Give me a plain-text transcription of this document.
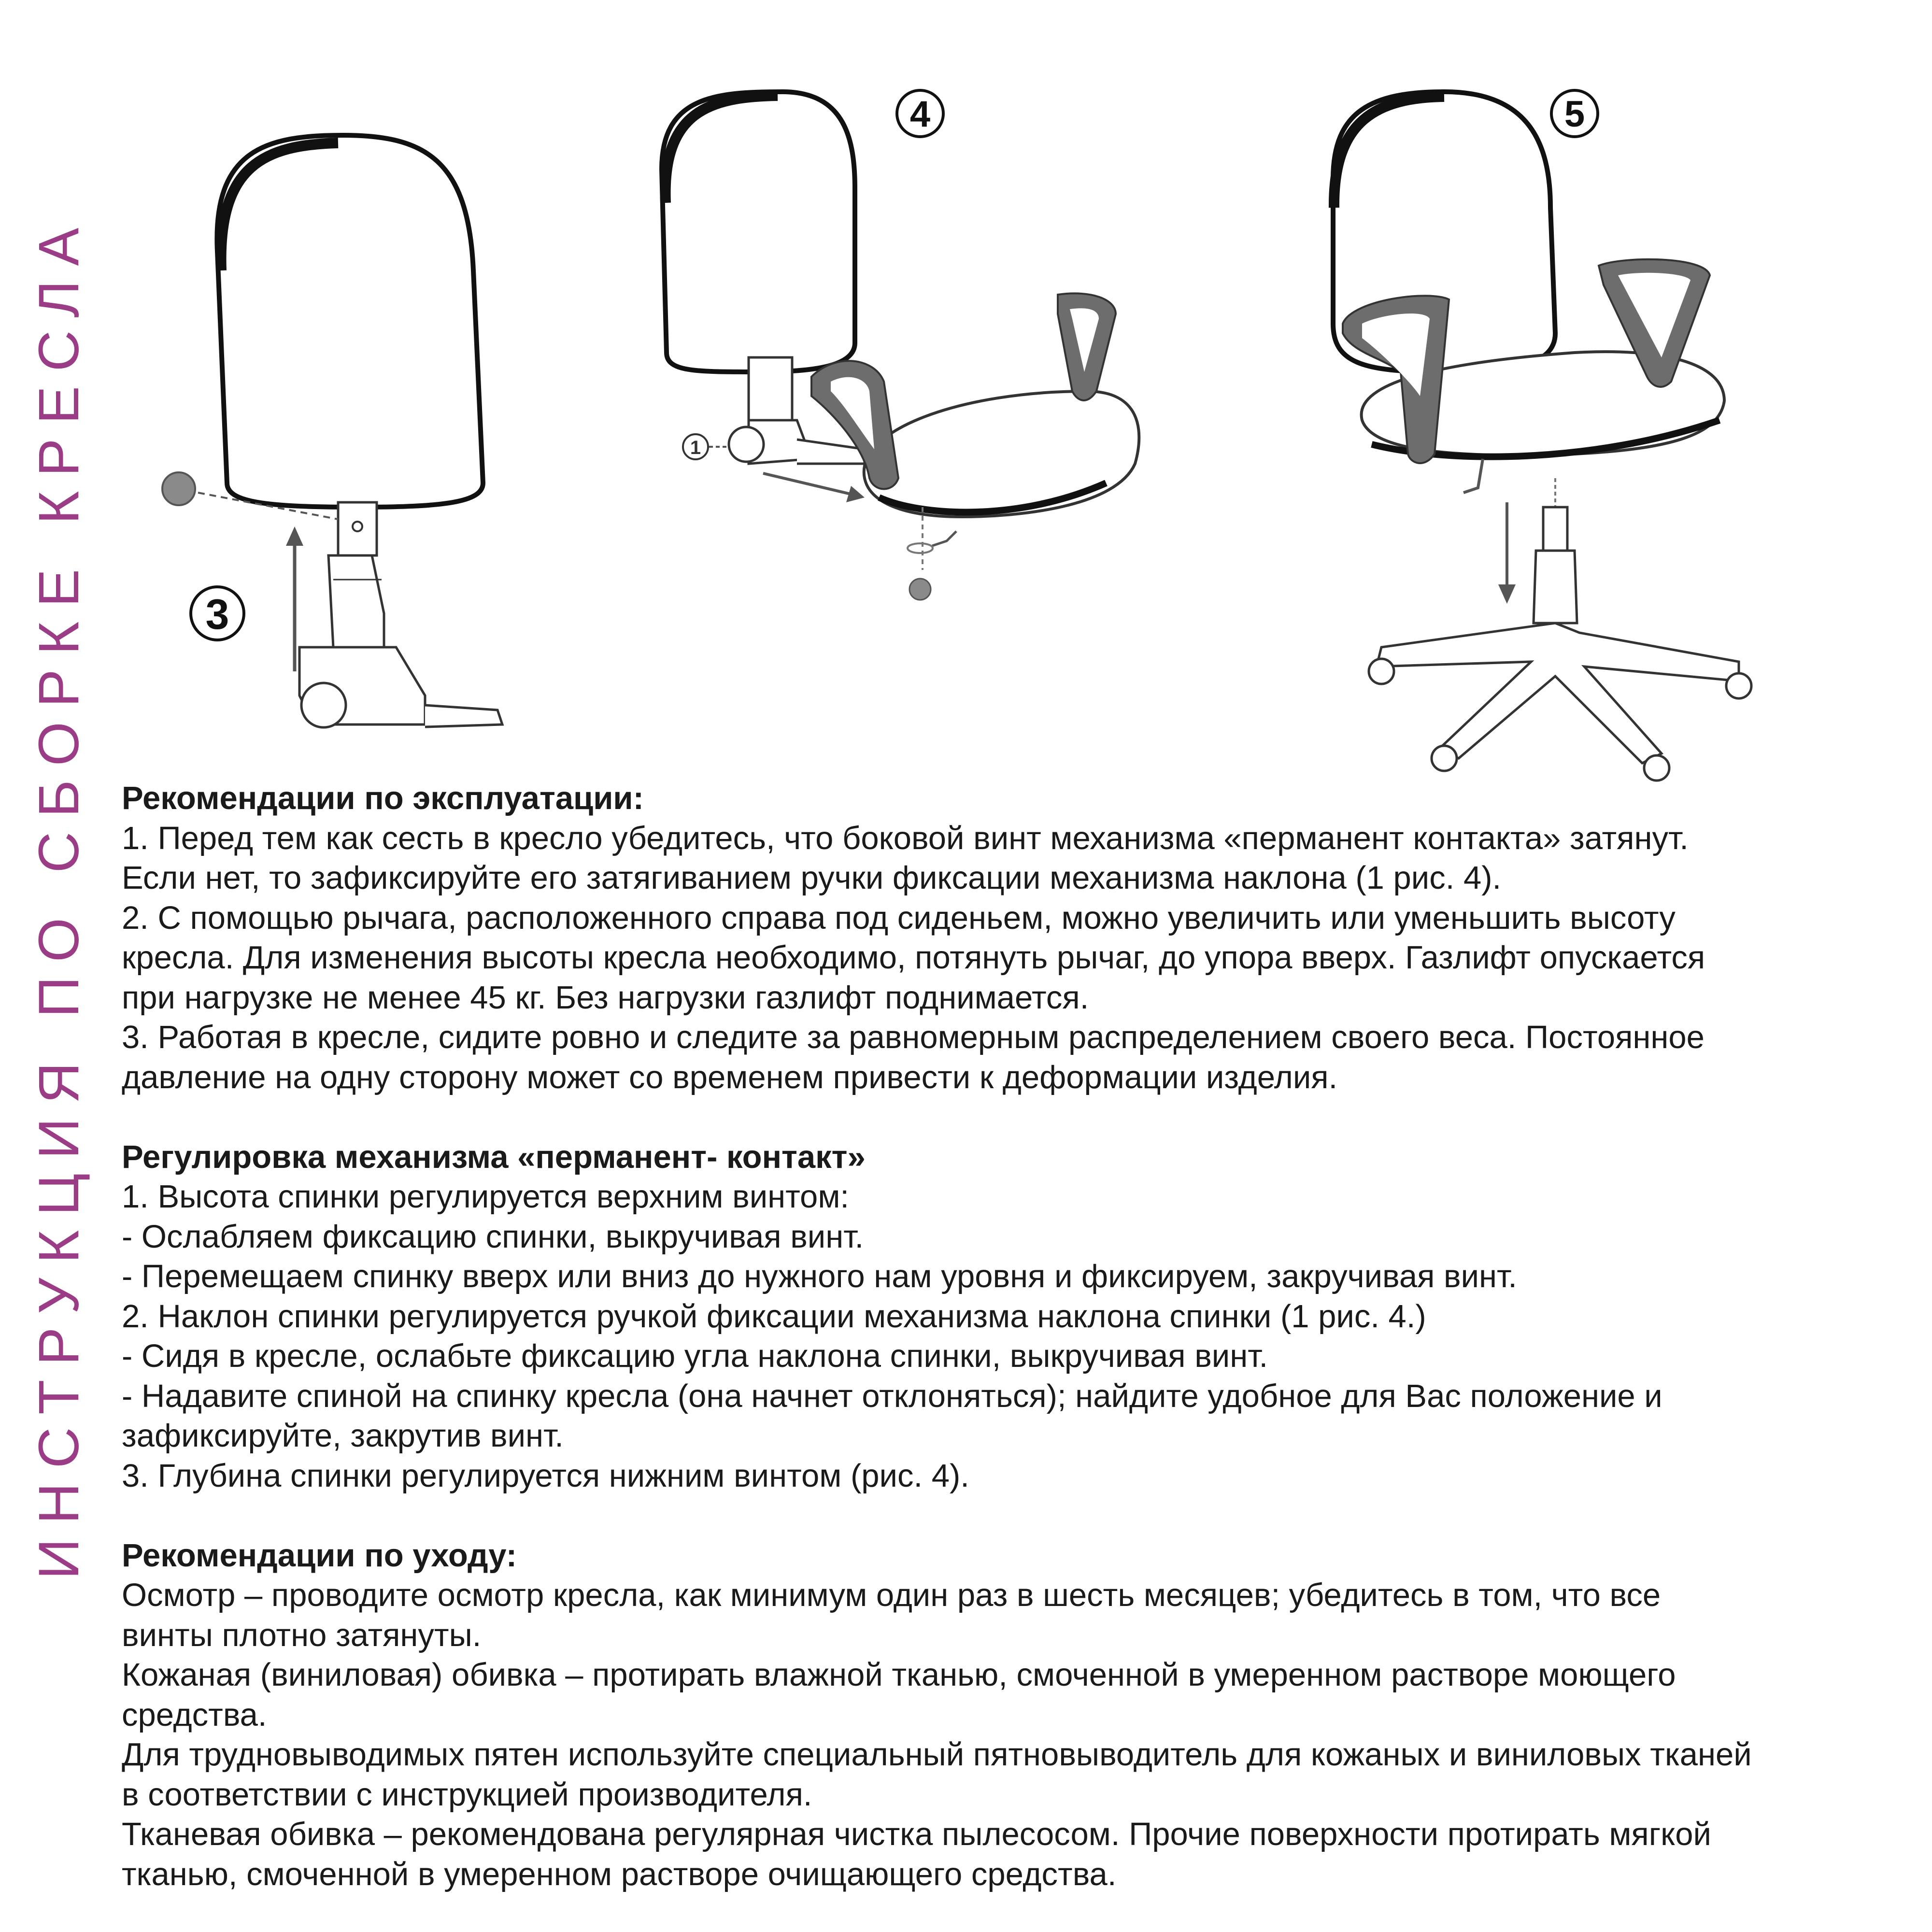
ИНСТРУКЦИЯ ПО СБОРКЕ КРЕСЛА	3
1
4	5

Рекомендации по эксплуатации:

1. Перед тем как сесть в кресло убедитесь, что боковой винт механизма «перманент контакта» затянут.

Если нет, то зафиксируйте его затягиванием ручки фиксации механизма наклона (1 рис. 4).

2. С помощью рычага, расположенного справа под сиденьем, можно увеличить или уменьшить высоту

кресла. Для изменения высоты кресла необходимо, потянуть рычаг, до упора вверх. Газлифт опускается

при нагрузке не менее 45 кг. Без нагрузки газлифт поднимается.

3. Работая в кресле, сидите ровно и следите за равномерным распределением своего веса. Постоянное

давление на одну сторону может со временем привести к деформации изделия.

Регулировка механизма «перманент- контакт»

1. Высота спинки регулируется верхним винтом:

- Ослабляем фиксацию спинки, выкручивая винт.

- Перемещаем спинку вверх или вниз до нужного нам уровня и фиксируем, закручивая винт.

2. Наклон спинки регулируется ручкой фиксации механизма наклона спинки (1 рис. 4.)

- Сидя в кресле, ослабьте фиксацию угла наклона спинки, выкручивая винт.

- Надавите спиной на спинку кресла (она начнет отклоняться); найдите удобное для Вас положение и

зафиксируйте, закрутив винт.

3. Глубина спинки регулируется нижним винтом (рис. 4).

Рекомендации по уходу:

Осмотр – проводите осмотр кресла, как минимум один раз в шесть месяцев; убедитесь в том, что все

винты плотно затянуты.

Кожаная (виниловая) обивка – протирать влажной тканью, смоченной в умеренном растворе моющего

средства.

Для трудновыводимых пятен используйте специальный пятновыводитель для кожаных и виниловых тканей

в соответствии с инструкцией производителя.

Тканевая обивка – рекомендована регулярная чистка пылесосом. Прочие поверхности протирать мягкой

тканью, смоченной в умеренном растворе очищающего средства.
